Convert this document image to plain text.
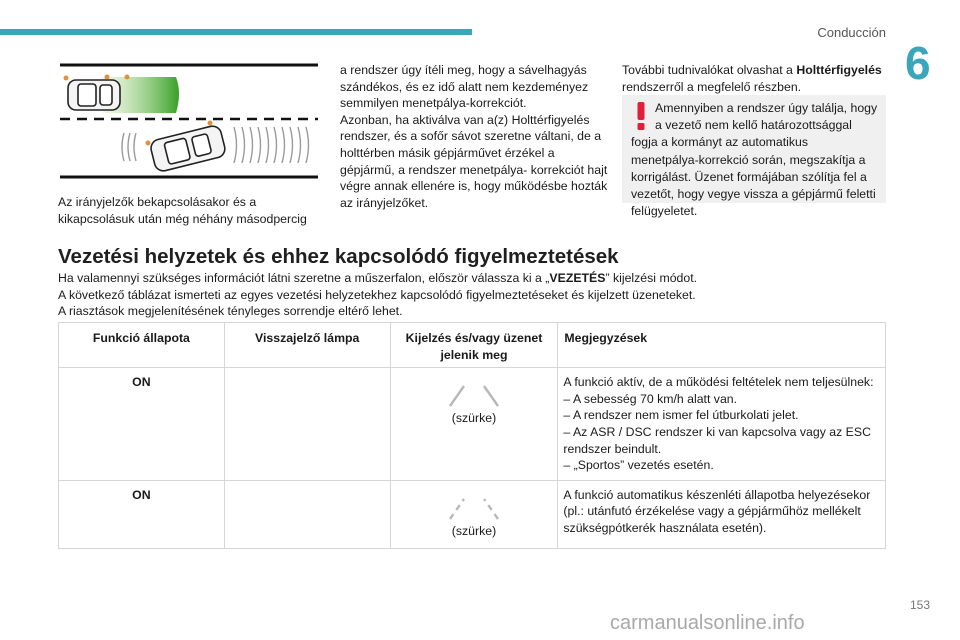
Conducción
6

Az irányjelzők bekapcsolásakor és a kikapcsolásuk után még néhány másodpercig

a rendszer úgy ítéli meg, hogy a sávelhagyás szándékos, és ez idő alatt nem kezdeményez semmilyen menetpálya-korrekciót.

Azonban, ha aktiválva van a(z) Holttérfigyelés rendszer, és a sofőr sávot szeretne váltani, de a holttérben másik gépjárművet érzékel a gépjármű, a rendszer menetpálya- korrekciót hajt végre annak ellenére is, hogy működésbe hozták az irányjelzőket.

További tudnivalókat olvashat a Holttérfigyelés rendszerről a megfelelő részben.

Amennyiben a rendszer úgy találja, hogy a vezető nem kellő határozottsággal fogja a kormányt az automatikus menetpálya-korrekció során, megszakítja a korrigálást. Üzenet formájában szólítja fel a vezetőt, hogy vegye vissza a gépjármű feletti felügyeletet.
Vezetési helyzetek és ehhez kapcsolódó figyelmeztetések

Ha valamennyi szükséges információt látni szeretne a műszerfalon, először válassza ki a „VEZETÉS” kijelzési módot.

A következő táblázat ismerteti az egyes vezetési helyzetekhez kapcsolódó figyelmeztetéseket és kijelzett üzeneteket.

A riasztások megjelenítésének tényleges sorrendje eltérő lehet.

Funkció állapota	Visszajelző lámpa	Kijelzés és/vagy üzenet jelenik meg	Megjegyzések
ON		(szürke)	A funkció aktív, de a működési feltételek nem teljesülnek:
– A sebesség 70 km/h alatt van.
– A rendszer nem ismer fel útburkolati jelet.
– Az ASR / DSC rendszer ki van kapcsolva vagy az ESC rendszer beindult.
– „Sportos” vezetés esetén.

ON		(szürke)	A funkció automatikus készenléti állapotba helyezésekor (pl.: utánfutó érzékelése vagy a gépjárműhöz mellékelt szükségpótkerék használata esetén).
153
carmanualsonline.info
